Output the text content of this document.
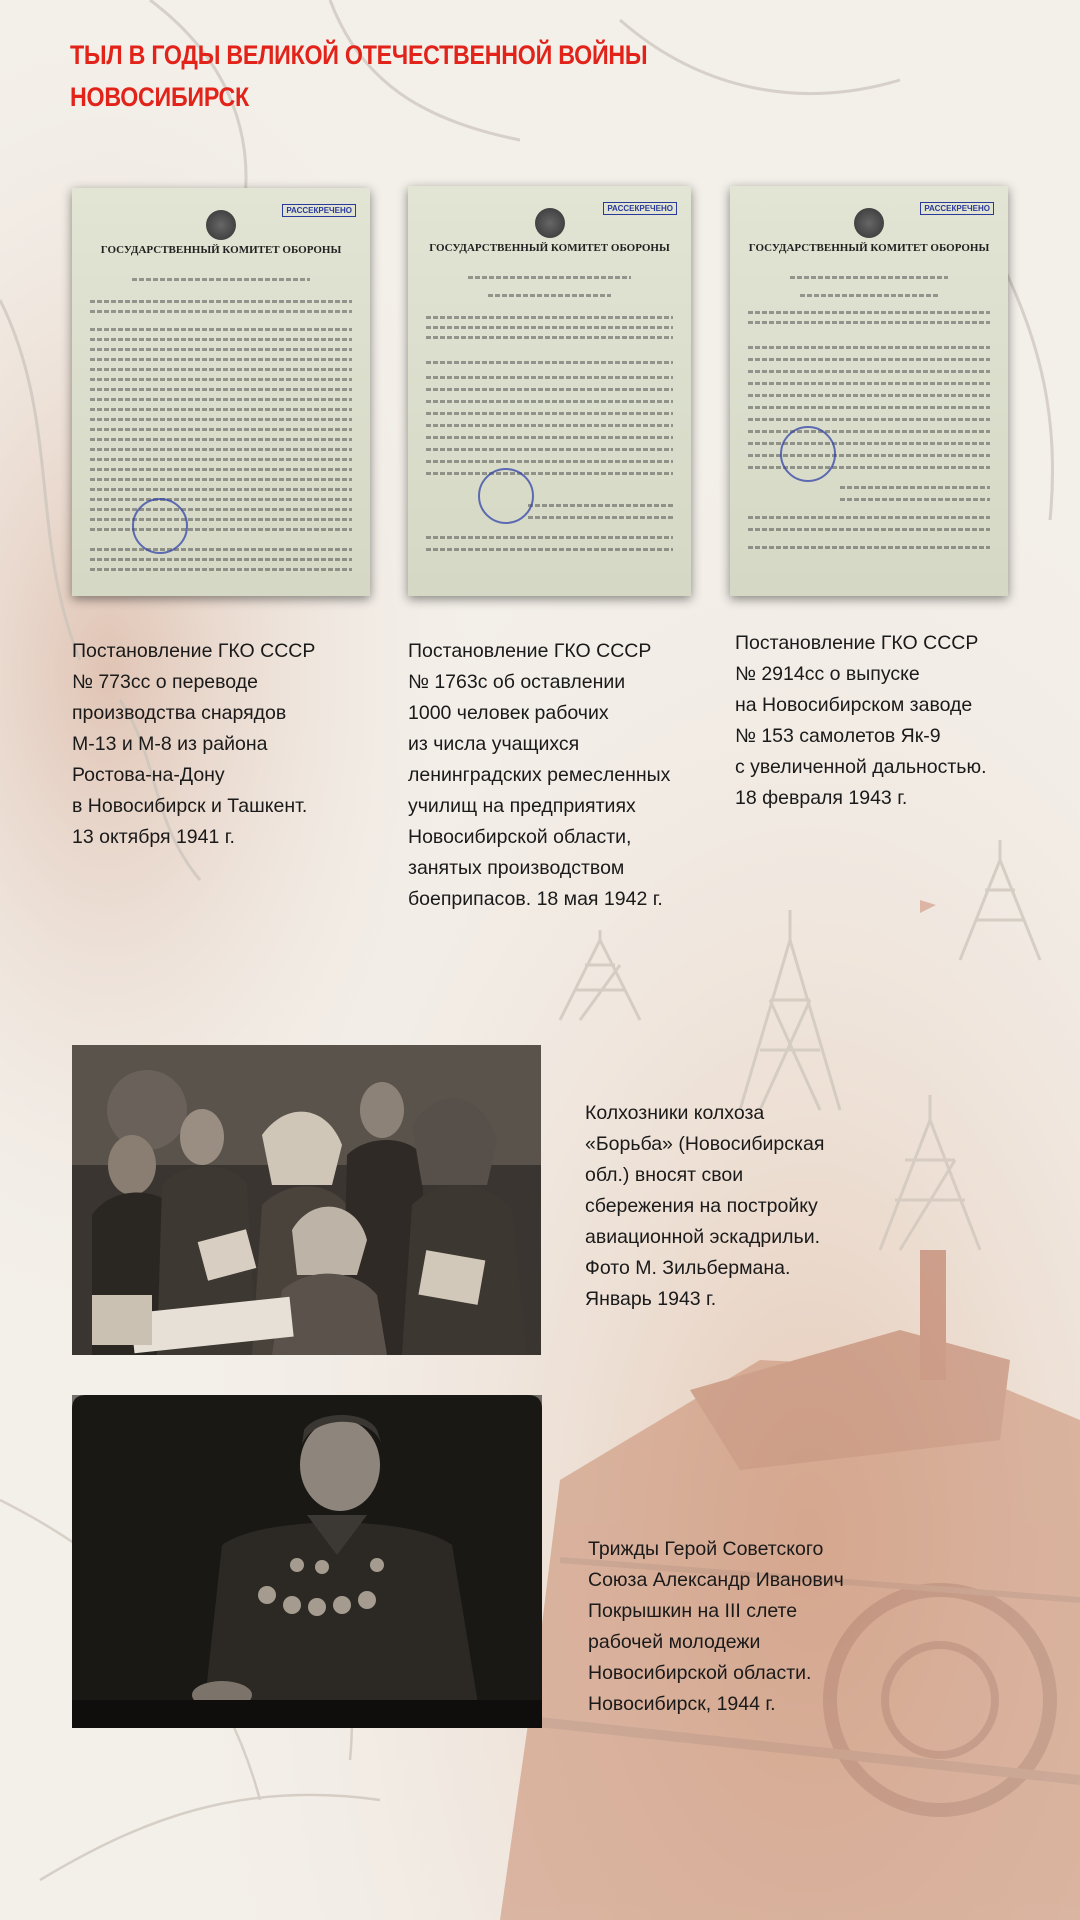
ТЫЛ В ГОДЫ ВЕЛИКОЙ ОТЕЧЕСТВЕННОЙ ВОЙНЫ
НОВОСИБИРСК
РАССЕКРЕЧЕНО
ГОСУДАРСТВЕННЫЙ КОМИТЕТ ОБОРОНЫ
РАССЕКРЕЧЕНО
ГОСУДАРСТВЕННЫЙ КОМИТЕТ ОБОРОНЫ
РАССЕКРЕЧЕНО
ГОСУДАРСТВЕННЫЙ КОМИТЕТ ОБОРОНЫ
Постановление ГКО СССР
№ 773сс о переводе
производства снарядов
М-13 и М-8 из района
Ростова-на-Дону
в Новосибирск и Ташкент.
13 октября 1941 г.
Постановление ГКО СССР
№ 1763с об оставлении
1000 человек рабочих
из числа учащихся
ленинградских ремесленных
училищ на предприятиях
Новосибирской области,
занятых производством
боеприпасов. 18 мая 1942 г.
Постановление ГКО СССР
№ 2914сс о выпуске
на Новосибирском заводе
№ 153 самолетов Як-9
с увеличенной дальностью.
18 февраля 1943 г.
Колхозники колхоза
«Борьба» (Новосибирская
обл.) вносят свои
сбережения на постройку
авиационной эскадрильи.
Фото М. Зильбермана.
Январь 1943 г.
Трижды Герой Советского
Союза Александр Иванович
Покрышкин на III слете
рабочей молодежи
Новосибирской области.
Новосибирск, 1944 г.
